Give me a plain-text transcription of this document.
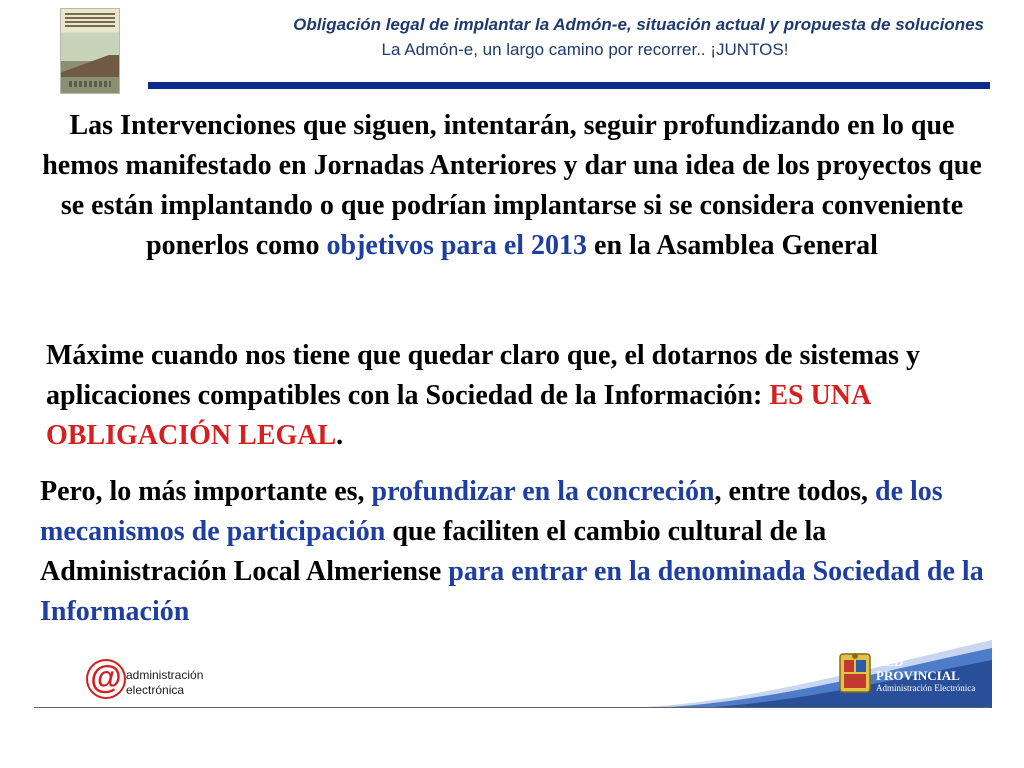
Obligación legal de implantar la Admón-e, situación actual y propuesta de soluciones
La Admón-e, un largo camino por recorrer.. ¡JUNTOS!
Las Intervenciones que siguen, intentarán, seguir profundizando en lo que hemos manifestado en Jornadas Anteriores y dar una idea de los proyectos que se están implantando o que podrían implantarse si se considera conveniente ponerlos como objetivos para el 2013 en la Asamblea General
Máxime cuando nos tiene que quedar claro que, el dotarnos de sistemas y aplicaciones compatibles con la Sociedad de la Información: ES UNA OBLIGACIÓN LEGAL.
Pero, lo más importante es, profundizar en la concreción, entre todos, de los mecanismos de participación que faciliten el cambio cultural de la Administración Local Almeriense para entrar en la denominada Sociedad de la Información
@ administración
electrónica
RED
PROVINCIAL
Administración Electrónica
